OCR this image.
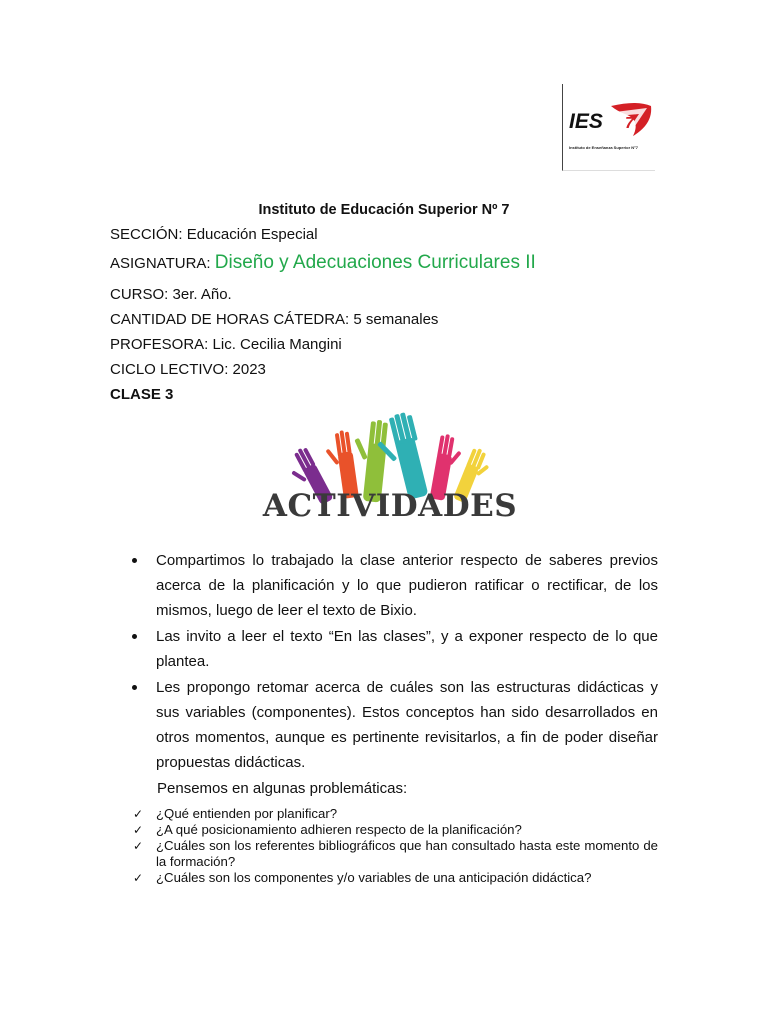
IES 7
Instituto de Enseñanza Superior N°7
Instituto de Educación Superior Nº 7
SECCIÓN: Educación Especial
ASIGNATURA: Diseño y Adecuaciones Curriculares II
CURSO: 3er. Año.
CANTIDAD DE HORAS CÁTEDRA: 5 semanales
PROFESORA: Lic. Cecilia Mangini
CICLO LECTIVO: 2023
CLASE 3
ACTIVIDADES
Compartimos lo trabajado la clase anterior respecto de saberes previos acerca de la planificación y lo que pudieron ratificar o rectificar, de los mismos, luego de leer el texto de Bixio.
Las invito a leer el texto “En las clases”, y a exponer respecto de lo que plantea.
Les propongo retomar acerca de cuáles son las estructuras didácticas y sus variables (componentes). Estos conceptos han sido desarrollados en otros momentos, aunque es pertinente revisitarlos, a fin de poder diseñar propuestas didácticas.
Pensemos en algunas problemáticas:
✓ ¿Qué entienden por planificar?
✓ ¿A qué posicionamiento adhieren respecto de la planificación?
✓ ¿Cuáles son los referentes bibliográficos que han consultado hasta este momento de la formación?
✓ ¿Cuáles son los componentes y/o variables de una anticipación didáctica?
